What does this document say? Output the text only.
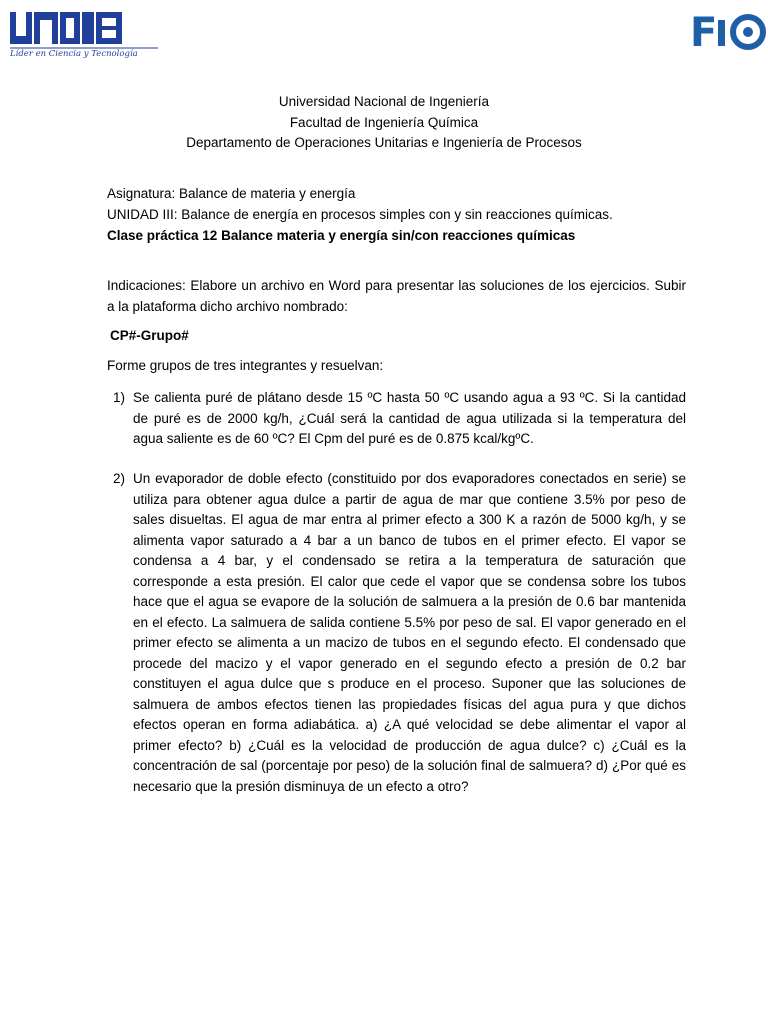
Líder en Ciencia y Tecnología	F
Universidad Nacional de Ingeniería
Facultad de Ingeniería Química
Departamento de Operaciones Unitarias e Ingeniería de Procesos
Asignatura: Balance de materia y energía
UNIDAD III: Balance de energía en procesos simples con y sin reacciones químicas.
Clase práctica 12 Balance materia y energía sin/con reacciones químicas
Indicaciones: Elabore un archivo en Word para presentar las soluciones de los ejercicios. Subir a la plataforma dicho archivo nombrado:
CP#-Grupo#
Forme grupos de tres integrantes y resuelvan:
1) Se calienta puré de plátano desde 15 ºC hasta 50 ºC usando agua a 93 ºC. Si la cantidad de puré es de 2000 kg/h, ¿Cuál será la cantidad de agua utilizada si la temperatura del agua saliente es de 60 ºC? El Cpm del puré es de 0.875 kcal/kgºC.
2) Un evaporador de doble efecto (constituido por dos evaporadores conectados en serie) se utiliza para obtener agua dulce a partir de agua de mar que contiene 3.5% por peso de sales disueltas. El agua de mar entra al primer efecto a 300 K a razón de 5000 kg/h, y se alimenta vapor saturado a 4 bar a un banco de tubos en el primer efecto. El vapor se condensa a 4 bar, y el condensado se retira a la temperatura de saturación que corresponde a esta presión. El calor que cede el vapor que se condensa sobre los tubos hace que el agua se evapore de la solución de salmuera a la presión de 0.6 bar mantenida en el efecto. La salmuera de salida contiene 5.5% por peso de sal. El vapor generado en el primer efecto se alimenta a un macizo de tubos en el segundo efecto. El condensado que procede del macizo y el vapor generado en el segundo efecto a presión de 0.2 bar constituyen el agua dulce que s produce en el proceso. Suponer que las soluciones de salmuera de ambos efectos tienen las propiedades físicas del agua pura y que dichos efectos operan en forma adiabática. a) ¿A qué velocidad se debe alimentar el vapor al primer efecto? b) ¿Cuál es la velocidad de producción de agua dulce? c) ¿Cuál es la concentración de sal (porcentaje por peso) de la solución final de salmuera? d) ¿Por qué es necesario que la presión disminuya de un efecto a otro?
